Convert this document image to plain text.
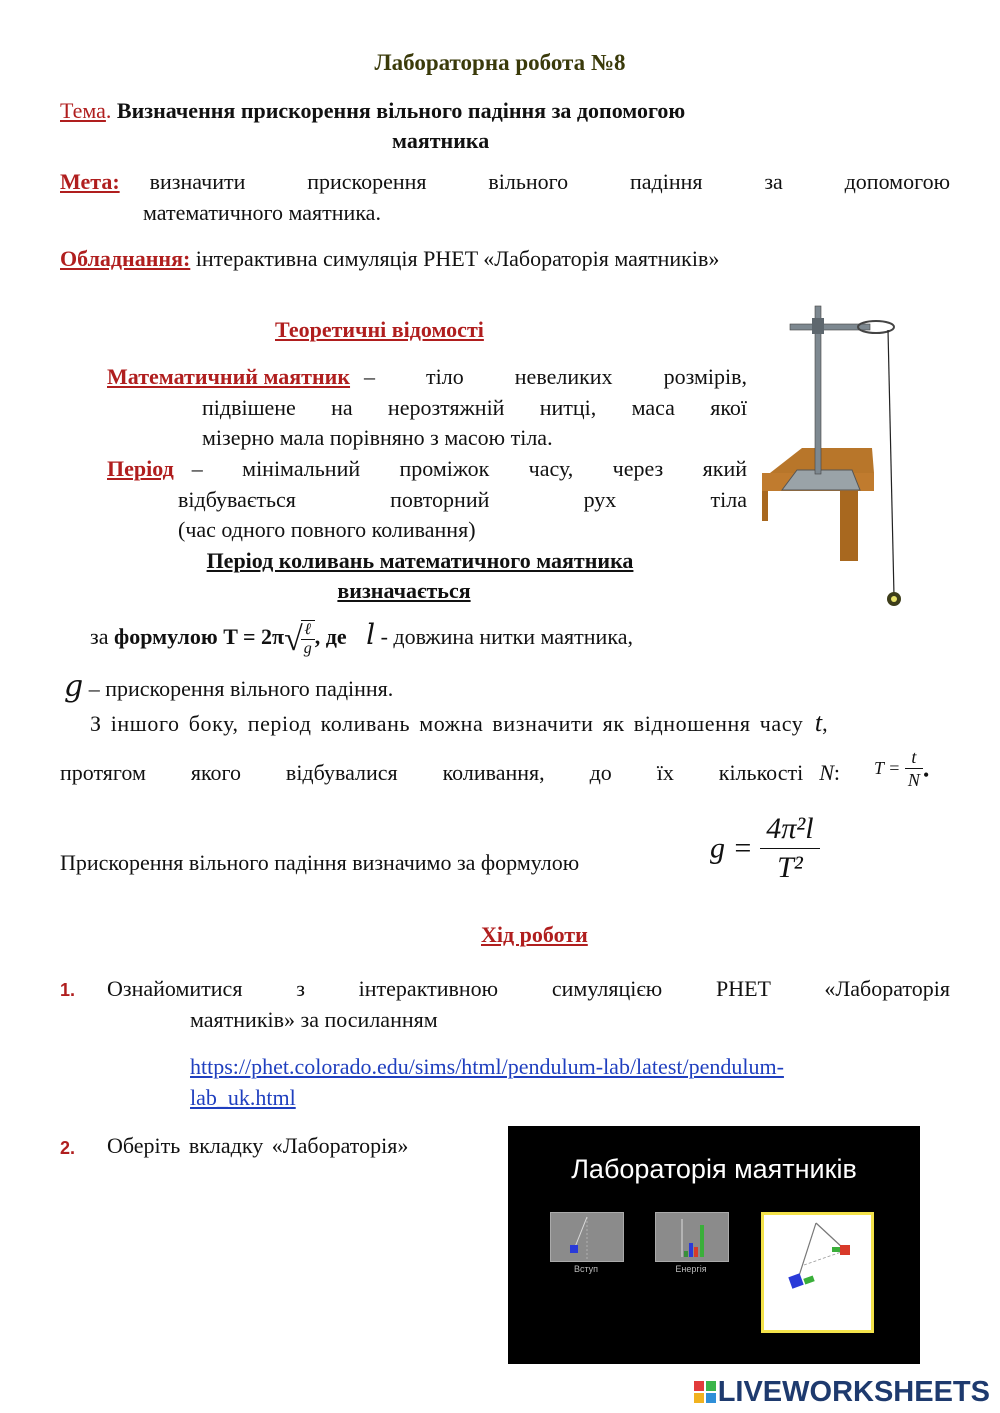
Лабораторна робота №8
Тема. Визначення прискорення вільного падіння за допомогою
маятника
Мета: визначити прискорення вільного падіння за допомогою
математичного маятника.
Обладнання: інтерактивна симуляція PHET «Лабораторія маятників»
Теоретичні відомості
Математичний маятник – тіло невеликих розмірів,
підвішене на нерозтяжній нитці, маса якої
мізерно мала порівняно з масою тіла.
Період – мінімальний проміжок часу, через який
відбувається повторний рух тіла
(час одного повного коливання)
Період коливань математичного маятника
визначається
за формулою T = 2π√
$\frac{\text{ℓ}}{g}$ , де l - довжина нитки маятника,
g – прискорення вільного падіння.
З іншого боку, період коливань можна визначити як відношення часу t,
протягом якого відбувалися коливання, до їх кількості N : $T = \frac{t}{N}$ .
Прискорення вільного падіння визначимо за формулою	$g = \frac{\text{4π²l}}{\text{T²}}$
Хід роботи
1. Ознайомитися з інтерактивною симуляцією PHET «Лабораторія
маятників» за посиланням
https://phet.colorado.edu/sims/html/pendulum-lab/latest/pendulum-
lab_uk.html
2. Оберіть вкладку «Лабораторія»
Лабораторія маятників
Вступ	Енергія
Лабораторія
LIVEWORKSHEETS
